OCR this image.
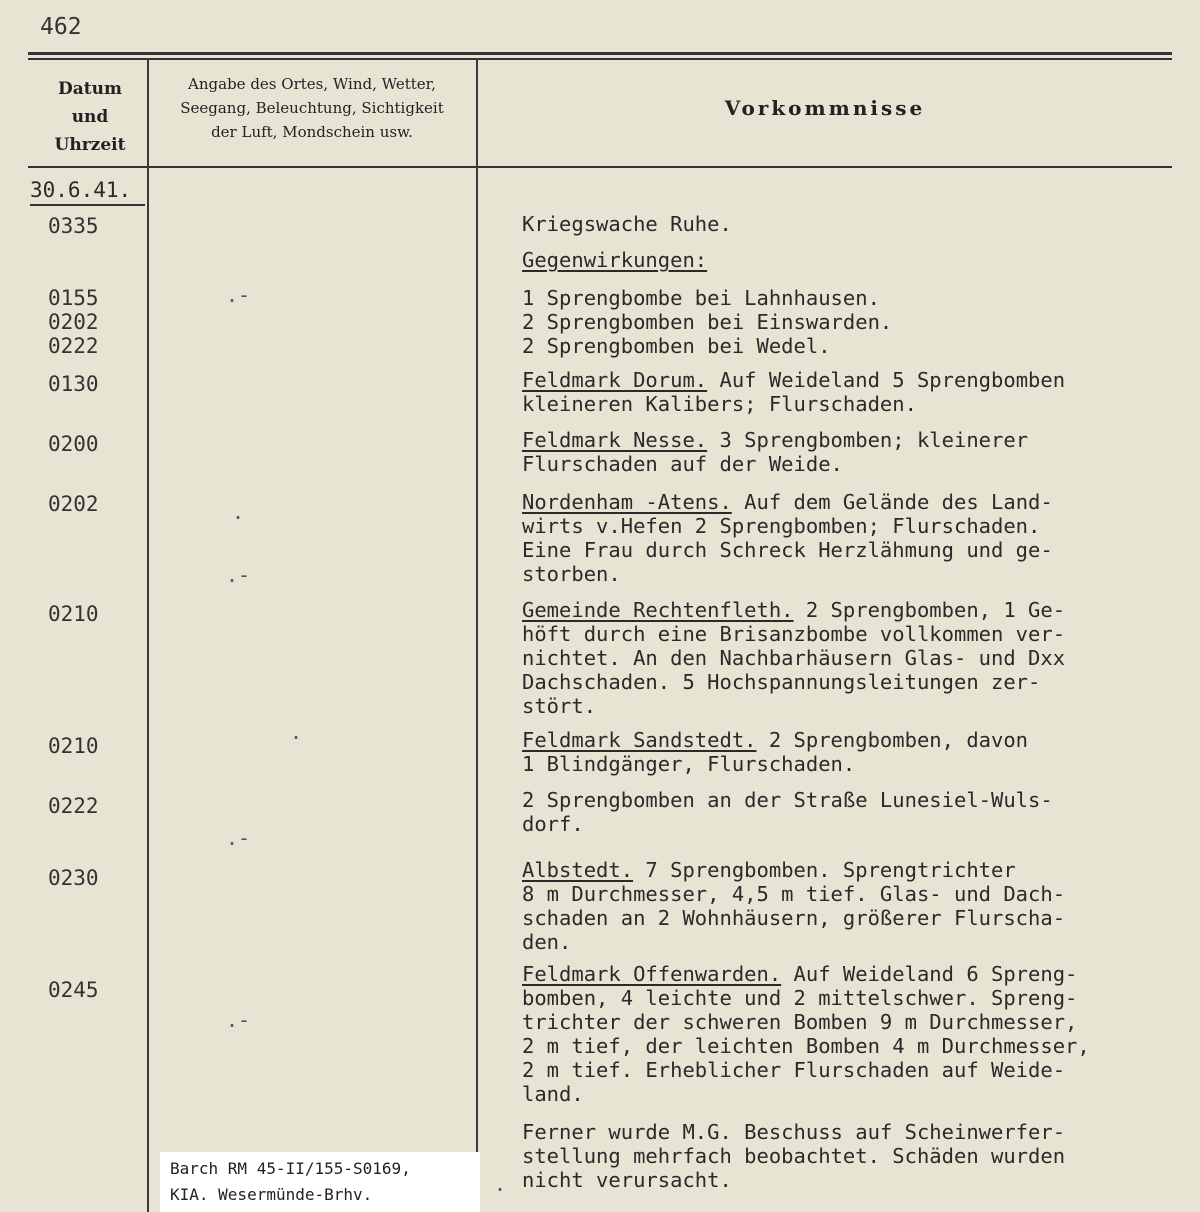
462
Datum
und
Uhrzeit
Angabe des Ortes, Wind, Wetter,
Seegang, Beleuchtung, Sichtigkeit
der Luft, Mondschein usw.
Vorkommnisse
30.6.41.
0335
0155
0202
0222
0130
0200
0202
0210
0210
0222
0230
0245
.-
.
.-
.
.-
.-
.
Kriegswache Ruhe.
Gegenwirkungen:
1 Sprengbombe bei Lahnhausen.
2 Sprengbomben bei Einswarden.
2 Sprengbomben bei Wedel.
Feldmark Dorum. Auf Weideland 5 Sprengbomben
kleineren Kalibers; Flurschaden.
Feldmark Nesse. 3 Sprengbomben; kleinerer
Flurschaden auf der Weide.
Nordenham -Atens. Auf dem Gelände des Land-
wirts v.Hefen 2 Sprengbomben; Flurschaden.
Eine Frau durch Schreck Herzlähmung und ge-
storben.
Gemeinde Rechtenfleth. 2 Sprengbomben, 1 Ge-
höft durch eine Brisanzbombe vollkommen ver-
nichtet. An den Nachbarhäusern Glas- und Dxx
Dachschaden. 5 Hochspannungsleitungen zer-
stört.
Feldmark Sandstedt. 2 Sprengbomben, davon
1 Blindgänger, Flurschaden.
2 Sprengbomben an der Straße Lunesiel-Wuls-
dorf.
Albstedt. 7 Sprengbomben. Sprengtrichter
8 m Durchmesser, 4,5 m tief. Glas- und Dach-
schaden an 2 Wohnhäusern, größerer Flurscha-
den.
Feldmark Offenwarden. Auf Weideland 6 Spreng-
bomben, 4 leichte und 2 mittelschwer. Spreng-
trichter der schweren Bomben 9 m Durchmesser,
2 m tief, der leichten Bomben 4 m Durchmesser,
2 m tief. Erheblicher Flurschaden auf Weide-
land.
Ferner wurde M.G. Beschuss auf Scheinwerfer-
stellung mehrfach beobachtet. Schäden wurden
nicht verursacht.
Barch RM 45-II/155-S0169,
KIA. Wesermünde-Brhv.
